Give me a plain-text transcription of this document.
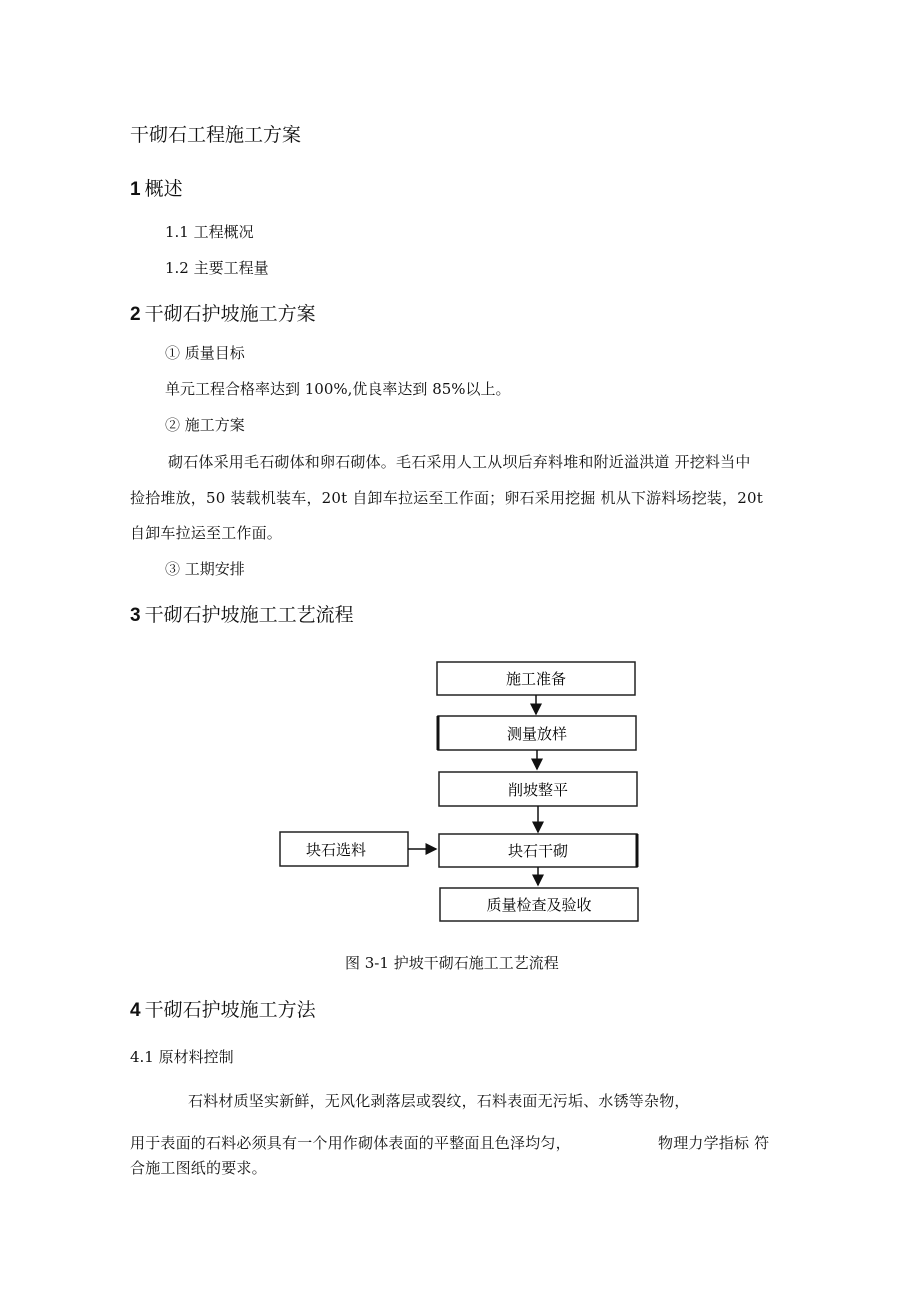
干砌石工程施工方案
1 概述
1.1 工程概况
1.2 主要工程量
2 干砌石护坡施工方案
① 质量目标
单元工程合格率达到 100%,优良率达到 85%以上。
② 施工方案
砌石体采用毛石砌体和卵石砌体。毛石采用人工从坝后弃料堆和附近溢洪道 开挖料当中
捡拾堆放，50 装载机装车，20t 自卸车拉运至工作面；卵石采用挖掘 机从下游料场挖装，20t
自卸车拉运至工作面。
③ 工期安排
3 干砌石护坡施工工艺流程
施工准备
测量放样
削坡整平
块石干砌
质量检查及验收
块石选料
图 3-1 护坡干砌石施工工艺流程
4 干砌石护坡施工方法
4.1 原材料控制
石料材质坚实新鲜，无风化剥落层或裂纹，石料表面无污垢、水锈等杂物，
用于表面的石料必须具有一个用作砌体表面的平整面且色泽均匀，	物理力学指标 符
合施工图纸的要求。
